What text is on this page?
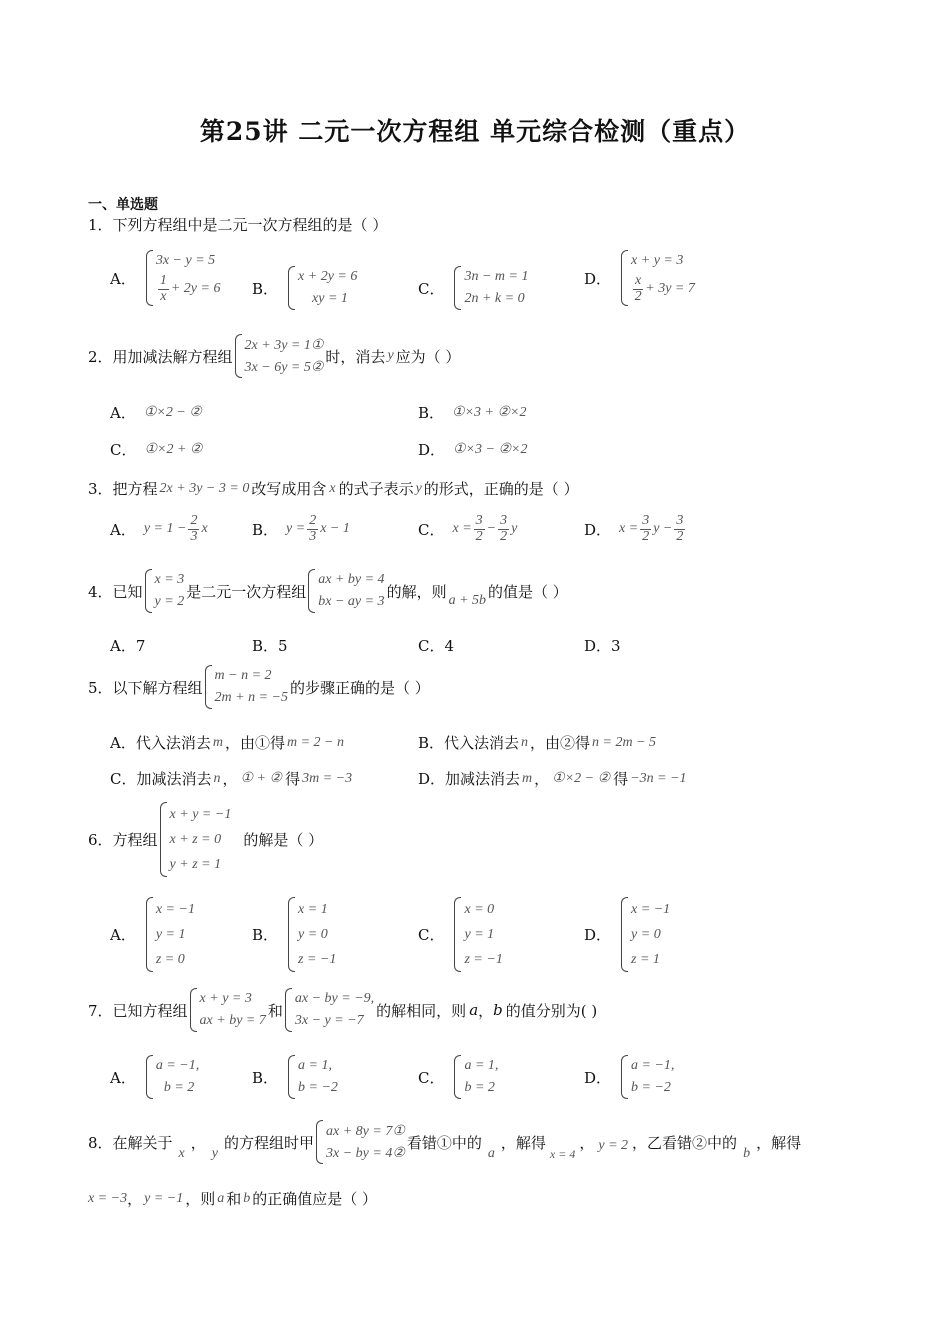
第25讲 二元一次方程组 单元综合检测（重点）
一、单选题
1．下列方程组中是二元一次方程组的是（ ）
A．
3x − y = 5
$\frac{1}{x} + 2y = 6$ B．
x + 2y = 6
xy = 1
C．
3n − m = 1
2n + k = 0
D．
x + y = 3
$\frac{x}{2} + 3y = 7$
2．用加减法解方程组
2x + 3y = 1①
3x − 6y = 5②
时，消去 y 应为（ ）
A． ①×2 − ②	B． ①×3 + ②×2
C． ①×2 + ②	D． ①×3 − ②×2
3．把方程 2x + 3y − 3 = 0 改写成用含 x 的式子表示 y 的形式，正确的是（ ）
A． $y = 1 - \frac{2}{3}$ x	B． $y = \frac{2}{3}$ x − 1	C． $x = \frac{3}{2} - \frac{3}{2}$ y	D． $x = \frac{3}{2}$ $y - \frac{3}{2}$
4．已知
x = 3
y = 2
是二元一次方程组
ax + by = 4
bx − ay = 3
的解，则 a + 5b 的值是（ ）
A．7	B．5	C．4	D．3
5．以下解方程组
m − n = 2
2m + n = −5
的步骤正确的是（ ）
A．代入法消去 m ，由①得 m = 2 − n	B．代入法消去 n ，由②得 n = 2m − 5
C．加减法消去 n ， ① + ② 得 3m = −3	D．加减法消去 m ， ①×2 − ② 得 −3n = −1
6．方程组
x + y = −1
x + z = 0
y + z = 1
的解是（ ）
A．
x = −1
y = 1
z = 0
B．
x = 1
y = 0
z = −1
C．
x = 0
y = 1
z = −1
D．
x = −1
y = 0
z = 1
7．已知方程组
x + y = 3
ax + by = 7
和
ax − by = −9,
3x − y = −7
的解相同，则 a ， b 的值分别为( )
A．
a = −1,
b = 2
B．
a = 1,
b = −2
C．
a = 1,
b = 2
D．
a = −1,
b = −2
8．在解关于
x
，
y
的方程组时甲
ax + 8y = 7①
3x − by = 4②
看错①中的
a
，解得
x = 4
， y = 2 ，乙看错②中的
b
，解得
x = −3 ， y = −1 ，则 a 和 b 的正确值应是（ ）
